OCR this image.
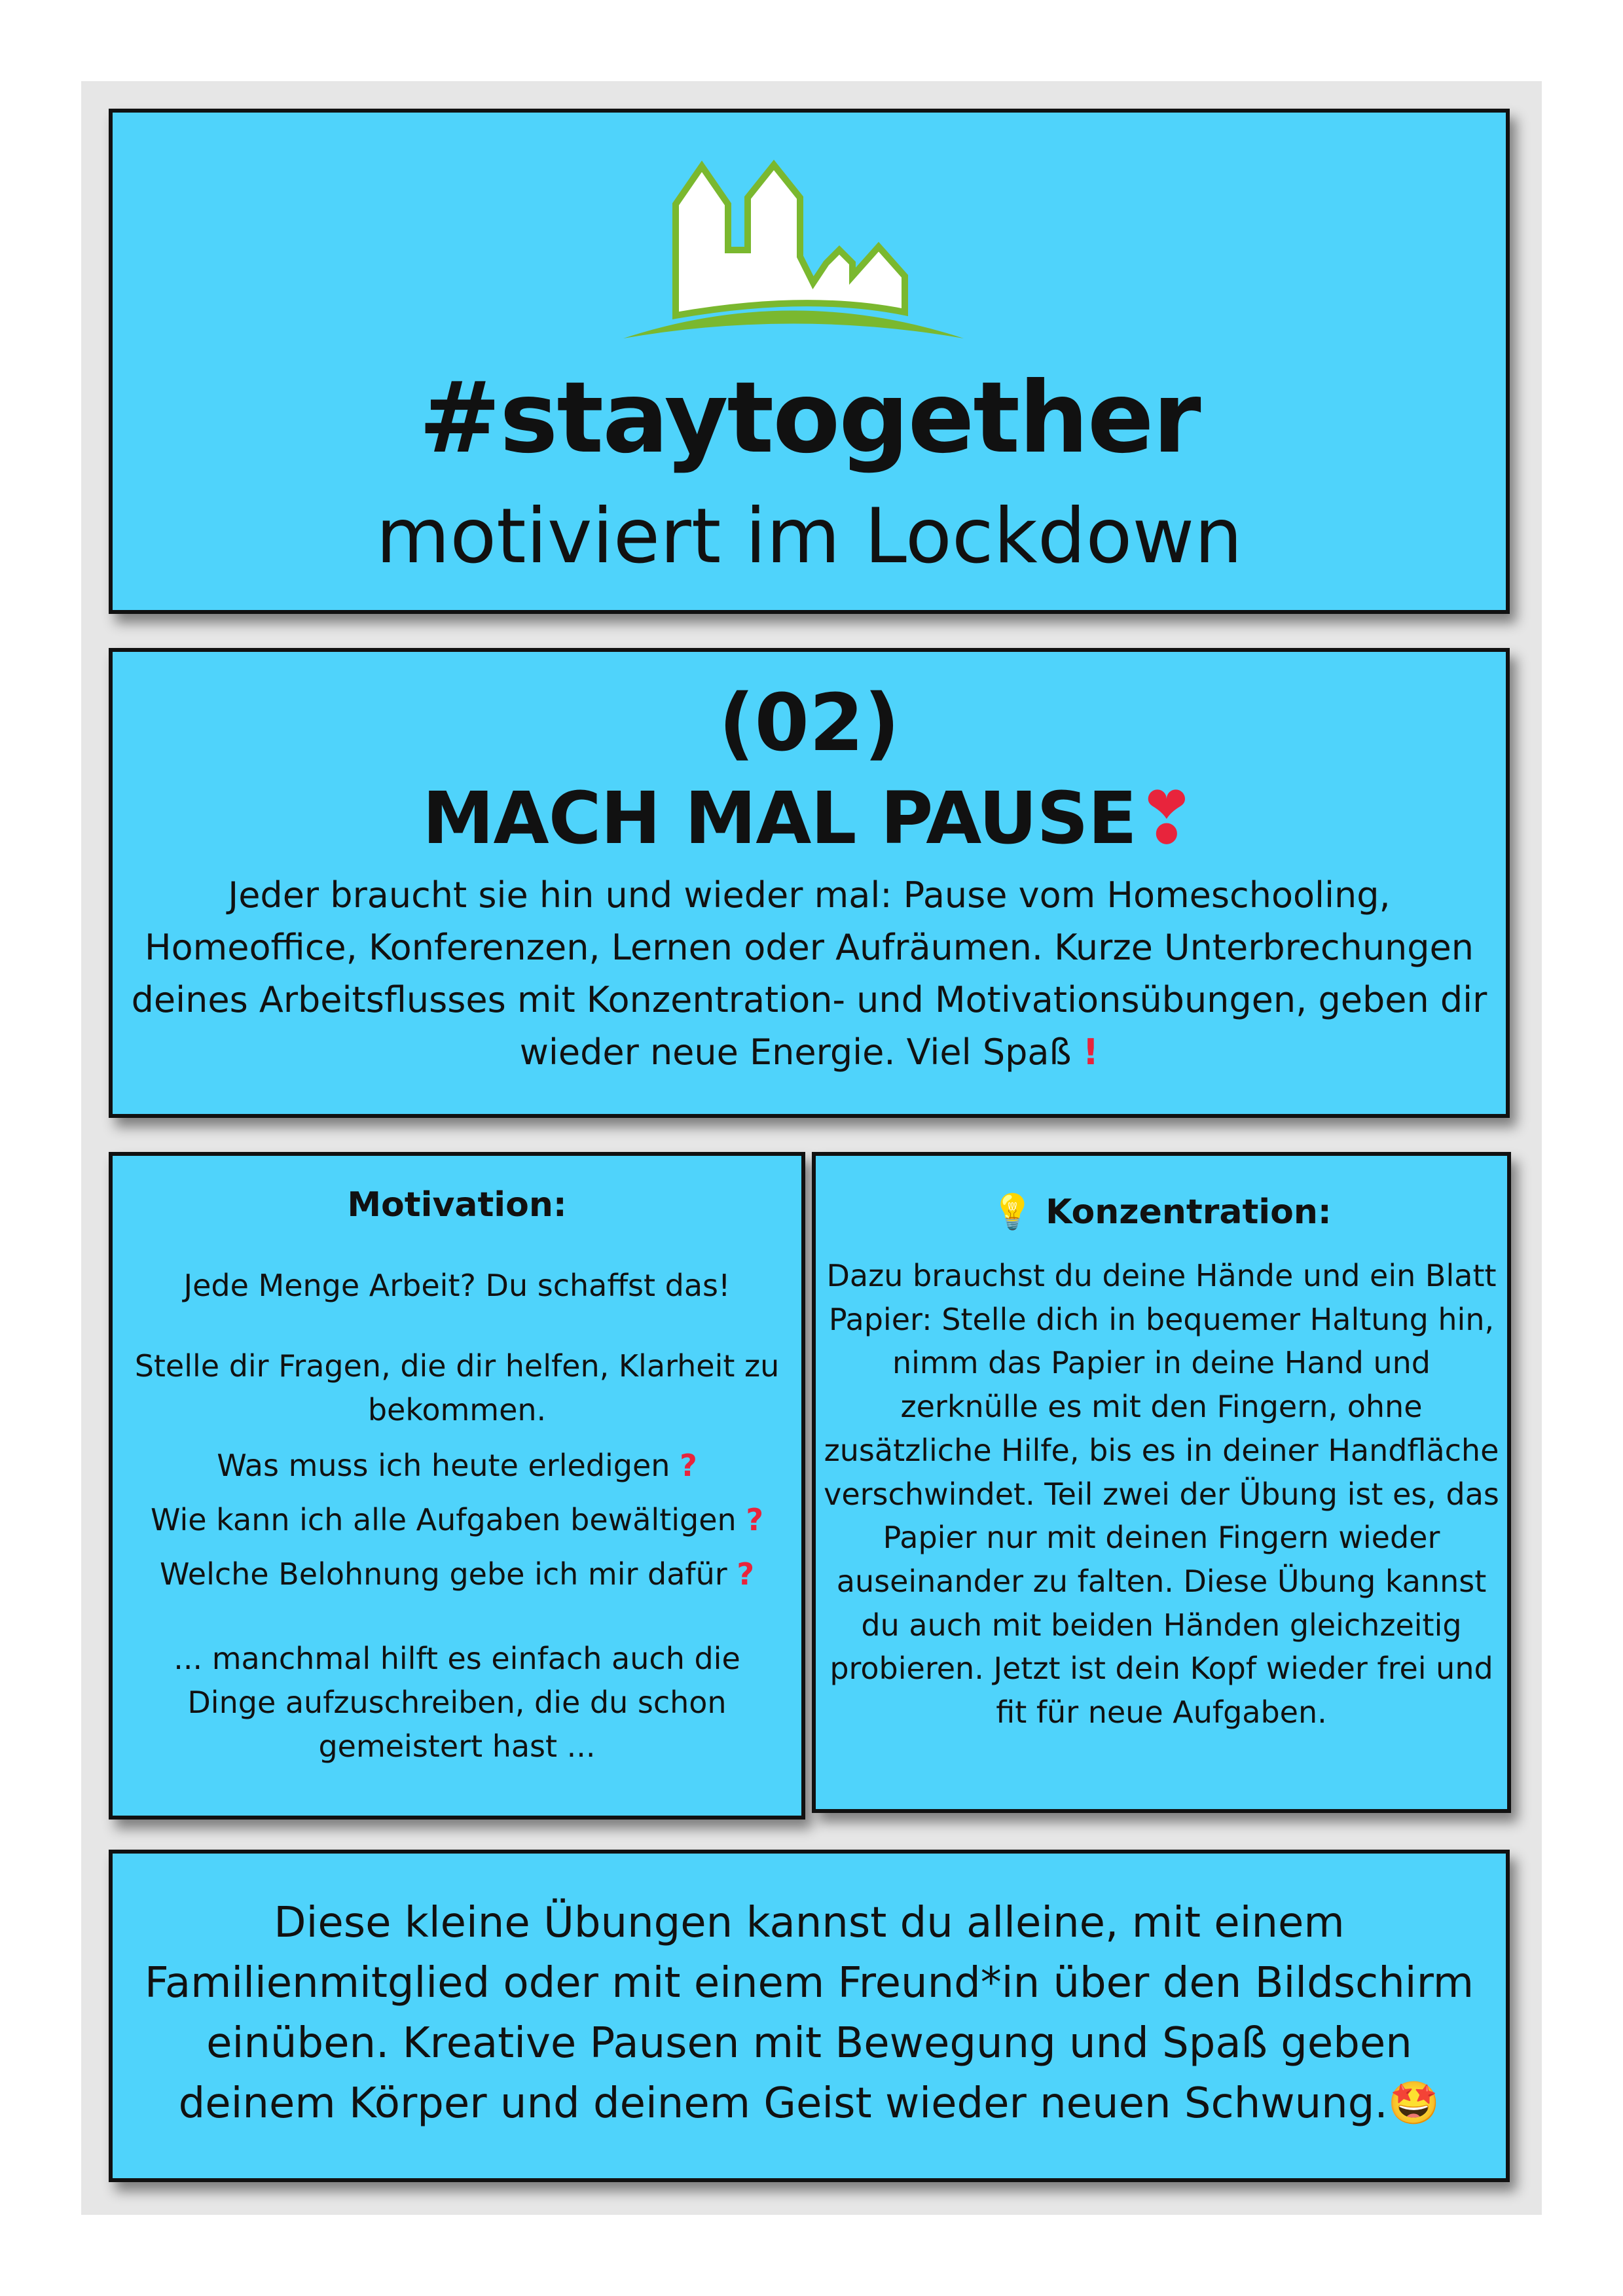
#staytogether
motiviert im Lockdown
(02)
MACH MAL PAUSE❣
Jeder braucht sie hin und wieder mal: Pause vom Homeschooling, Homeoffice, Konferenzen, Lernen oder Aufräumen. Kurze Unterbrechungen deines Arbeitsflusses mit Konzentration- und Motivationsübungen, geben dir wieder neue Energie. Viel Spaß !
Motivation:

Jede Menge Arbeit? Du schaffst das!

Stelle dir Fragen, die dir helfen, Klarheit zu bekommen.

Was muss ich heute erledigen ?

Wie kann ich alle Aufgaben bewältigen ?

Welche Belohnung gebe ich mir dafür ?

... manchmal hilft es einfach auch die Dinge aufzuschreiben, die du schon gemeistert hast ...

💡 Konzentration:
Dazu brauchst du deine Hände und ein Blatt Papier: Stelle dich in bequemer Haltung hin, nimm das Papier in deine Hand und zerknülle es mit den Fingern, ohne zusätzliche Hilfe, bis es in deiner Handfläche verschwindet. Teil zwei der Übung ist es, das Papier nur mit deinen Fingern wieder auseinander zu falten. Diese Übung kannst du auch mit beiden Händen gleichzeitig probieren. Jetzt ist dein Kopf wieder frei und fit für neue Aufgaben.
Diese kleine Übungen kannst du alleine, mit einem Familienmitglied oder mit einem Freund*in über den Bildschirm einüben. Kreative Pausen mit Bewegung und Spaß geben deinem Körper und deinem Geist wieder neuen Schwung.🤩
